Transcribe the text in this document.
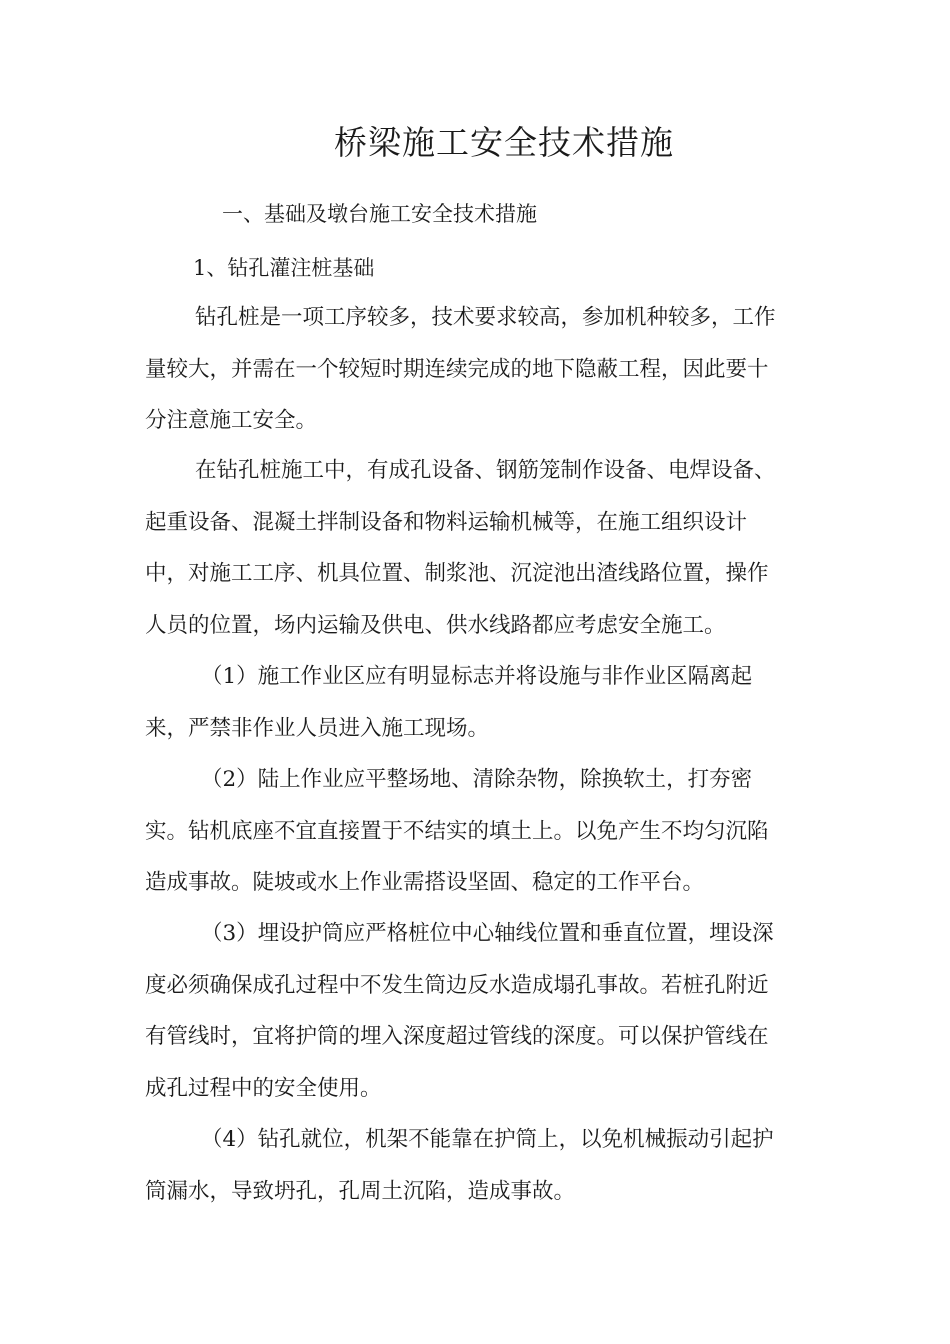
桥梁施工安全技术措施
一、基础及墩台施工安全技术措施
1、钻孔灌注桩基础
钻孔桩是一项工序较多，技术要求较高，参加机种较多，工作
量较大，并需在一个较短时期连续完成的地下隐蔽工程，因此要十
分注意施工安全。
在钻孔桩施工中，有成孔设备、钢筋笼制作设备、电焊设备、
起重设备、混凝土拌制设备和物料运输机械等，在施工组织设计
中，对施工工序、机具位置、制浆池、沉淀池出渣线路位置，操作
人员的位置，场内运输及供电、供水线路都应考虑安全施工。
（1）施工作业区应有明显标志并将设施与非作业区隔离起
来，严禁非作业人员进入施工现场。
（2）陆上作业应平整场地、清除杂物，除换软土，打夯密
实。钻机底座不宜直接置于不结实的填土上。以免产生不均匀沉陷
造成事故。陡坡或水上作业需搭设坚固、稳定的工作平台。
（3）埋设护筒应严格桩位中心轴线位置和垂直位置，埋设深
度必须确保成孔过程中不发生筒边反水造成塌孔事故。若桩孔附近
有管线时，宜将护筒的埋入深度超过管线的深度。可以保护管线在
成孔过程中的安全使用。
（4）钻孔就位，机架不能靠在护筒上，以免机械振动引起护
筒漏水，导致坍孔，孔周土沉陷，造成事故。
